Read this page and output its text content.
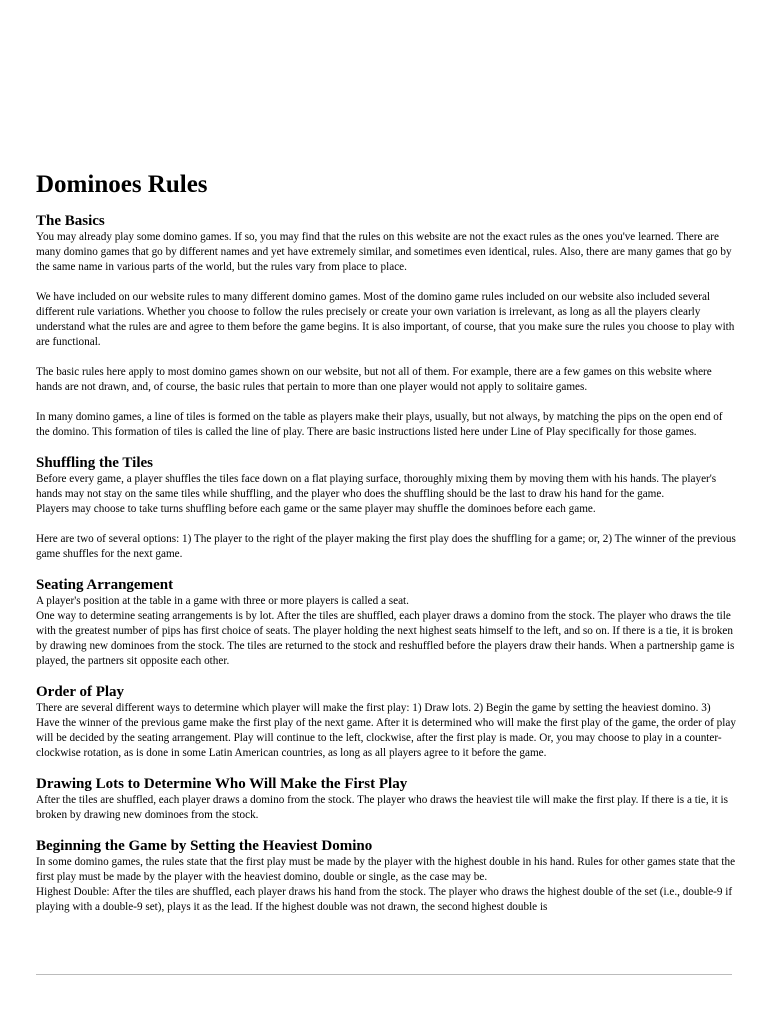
Dominoes Rules
The Basics

You may already play some domino games. If so, you may find that the rules on this website are not the exact rules as the ones you've learned. There are many domino games that go by different names and yet have extremely similar, and sometimes even identical, rules. Also, there are many games that go by the same name in various parts of the world, but the rules vary from place to place.

We have included on our website rules to many different domino games. Most of the domino game rules included on our website also included several different rule variations. Whether you choose to follow the rules precisely or create your own variation is irrelevant, as long as all the players clearly understand what the rules are and agree to them before the game begins. It is also important, of course, that you make sure the rules you choose to play with are functional.

The basic rules here apply to most domino games shown on our website, but not all of them. For example, there are a few games on this website where hands are not drawn, and, of course, the basic rules that pertain to more than one player would not apply to solitaire games.

In many domino games, a line of tiles is formed on the table as players make their plays, usually, but not always, by matching the pips on the open end of the domino. This formation of tiles is called the line of play. There are basic instructions listed here under Line of Play specifically for those games.

Shuffling the Tiles

Before every game, a player shuffles the tiles face down on a flat playing surface, thoroughly mixing them by moving them with his hands. The player's hands may not stay on the same tiles while shuffling, and the player who does the shuffling should be the last to draw his hand for the game.

Players may choose to take turns shuffling before each game or the same player may shuffle the dominoes before each game.

Here are two of several options: 1) The player to the right of the player making the first play does the shuffling for a game; or, 2) The winner of the previous game shuffles for the next game.

Seating Arrangement

A player's position at the table in a game with three or more players is called a seat.

One way to determine seating arrangements is by lot. After the tiles are shuffled, each player draws a domino from the stock. The player who draws the tile with the greatest number of pips has first choice of seats. The player holding the next highest seats himself to the left, and so on. If there is a tie, it is broken by drawing new dominoes from the stock. The tiles are returned to the stock and reshuffled before the players draw their hands. When a partnership game is played, the partners sit opposite each other.

Order of Play

There are several different ways to determine which player will make the first play: 1) Draw lots. 2) Begin the game by setting the heaviest domino. 3) Have the winner of the previous game make the first play of the next game. After it is determined who will make the first play of the game, the order of play will be decided by the seating arrangement. Play will continue to the left, clockwise, after the first play is made. Or, you may choose to play in a counter-clockwise rotation, as is done in some Latin American countries, as long as all players agree to it before the game.

Drawing Lots to Determine Who Will Make the First Play

After the tiles are shuffled, each player draws a domino from the stock. The player who draws the heaviest tile will make the first play. If there is a tie, it is broken by drawing new dominoes from the stock.

Beginning the Game by Setting the Heaviest Domino

In some domino games, the rules state that the first play must be made by the player with the highest double in his hand. Rules for other games state that the first play must be made by the player with the heaviest domino, double or single, as the case may be.

Highest Double: After the tiles are shuffled, each player draws his hand from the stock. The player who draws the highest double of the set (i.e., double-9 if playing with a double-9 set), plays it as the lead. If the highest double was not drawn, the second highest double is
